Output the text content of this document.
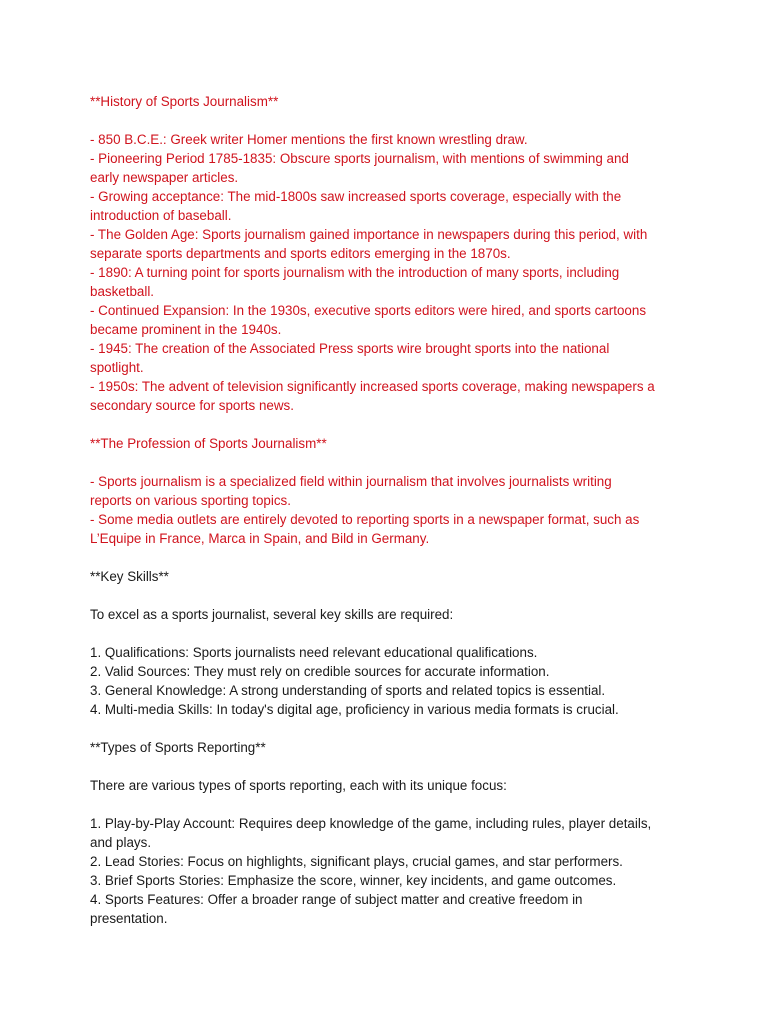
**History of Sports Journalism**
- 850 B.C.E.: Greek writer Homer mentions the first known wrestling draw.
- Pioneering Period 1785-1835: Obscure sports journalism, with mentions of swimming and
early newspaper articles.
- Growing acceptance: The mid-1800s saw increased sports coverage, especially with the
introduction of baseball.
- The Golden Age: Sports journalism gained importance in newspapers during this period, with
separate sports departments and sports editors emerging in the 1870s.
- 1890: A turning point for sports journalism with the introduction of many sports, including
basketball.
- Continued Expansion: In the 1930s, executive sports editors were hired, and sports cartoons
became prominent in the 1940s.
- 1945: The creation of the Associated Press sports wire brought sports into the national
spotlight.
- 1950s: The advent of television significantly increased sports coverage, making newspapers a
secondary source for sports news.
**The Profession of Sports Journalism**
- Sports journalism is a specialized field within journalism that involves journalists writing
reports on various sporting topics.
- Some media outlets are entirely devoted to reporting sports in a newspaper format, such as
L’Equipe in France, Marca in Spain, and Bild in Germany.
**Key Skills**
To excel as a sports journalist, several key skills are required:
1. Qualifications: Sports journalists need relevant educational qualifications.
2. Valid Sources: They must rely on credible sources for accurate information.
3. General Knowledge: A strong understanding of sports and related topics is essential.
4. Multi-media Skills: In today's digital age, proficiency in various media formats is crucial.
**Types of Sports Reporting**
There are various types of sports reporting, each with its unique focus:
1. Play-by-Play Account: Requires deep knowledge of the game, including rules, player details,
and plays.
2. Lead Stories: Focus on highlights, significant plays, crucial games, and star performers.
3. Brief Sports Stories: Emphasize the score, winner, key incidents, and game outcomes.
4. Sports Features: Offer a broader range of subject matter and creative freedom in
presentation.
